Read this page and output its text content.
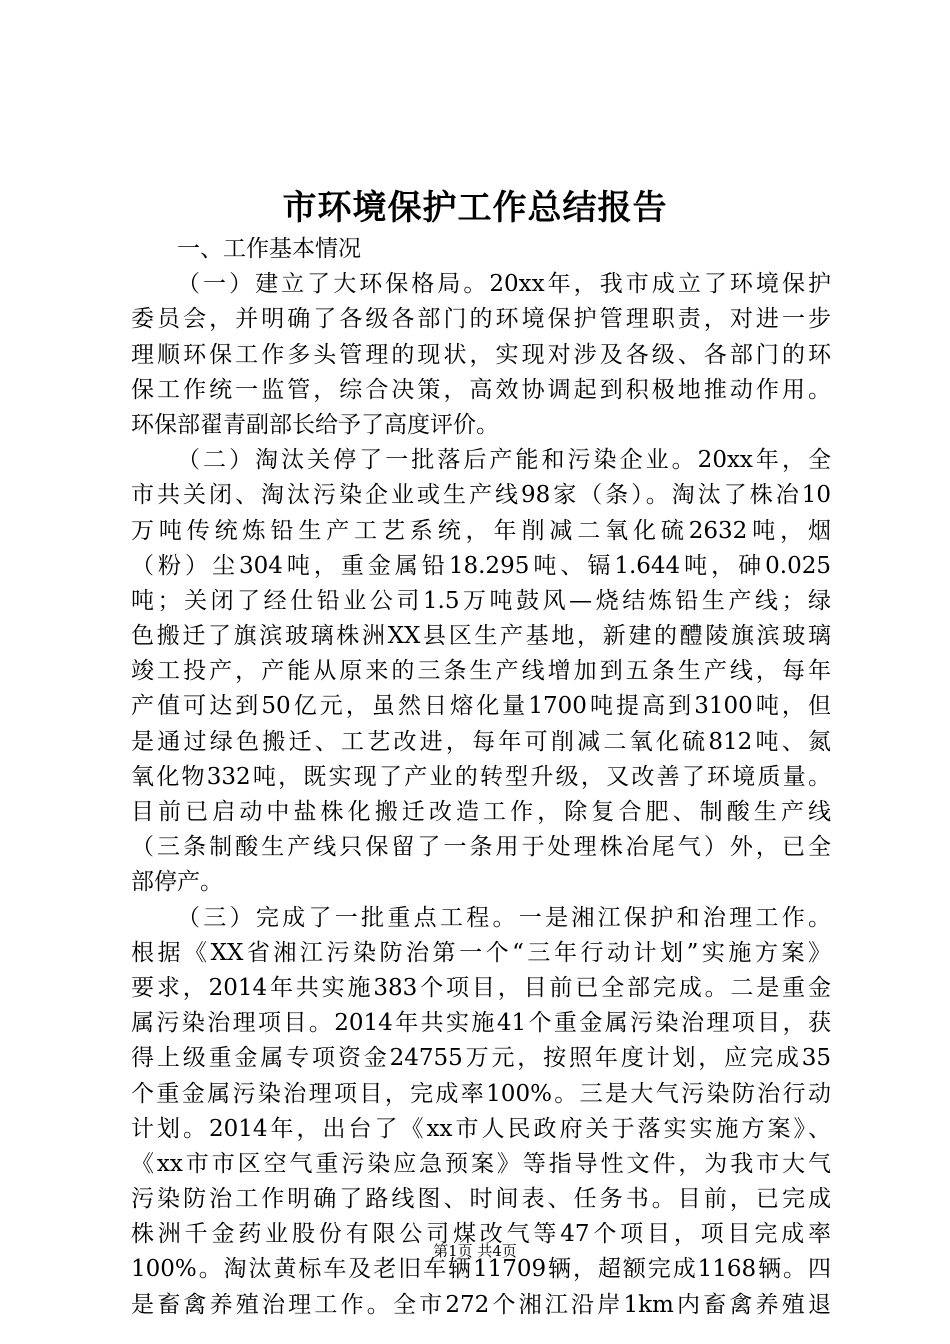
市环境保护工作总结报告
一、工作基本情况
（一）建立了大环保格局。20xx年，我市成立了环境保护
委员会，并明确了各级各部门的环境保护管理职责，对进一步
理顺环保工作多头管理的现状，实现对涉及各级、各部门的环
保工作统一监管，综合决策，高效协调起到积极地推动作用。
环保部翟青副部长给予了高度评价。
（二）淘汰关停了一批落后产能和污染企业。20xx年，全
市共关闭、淘汰污染企业或生产线98家（条）。淘汰了株冶10
万吨传统炼铅生产工艺系统，年削减二氧化硫2632吨，烟
（粉）尘304吨，重金属铅18.295吨、镉1.644吨，砷0.025
吨；关闭了经仕铅业公司1.5万吨鼓风—烧结炼铅生产线；绿
色搬迁了旗滨玻璃株洲XX县区生产基地，新建的醴陵旗滨玻璃
竣工投产，产能从原来的三条生产线增加到五条生产线，每年
产值可达到50亿元，虽然日熔化量1700吨提高到3100吨，但
是通过绿色搬迁、工艺改进，每年可削减二氧化硫812吨、氮
氧化物332吨，既实现了产业的转型升级，又改善了环境质量。
目前已启动中盐株化搬迁改造工作，除复合肥、制酸生产线
（三条制酸生产线只保留了一条用于处理株冶尾气）外，已全
部停产。
（三）完成了一批重点工程。一是湘江保护和治理工作。
根据《XX省湘江污染防治第一个“三年行动计划”实施方案》
要求，2014年共实施383个项目，目前已全部完成。二是重金
属污染治理项目。2014年共实施41个重金属污染治理项目，获
得上级重金属专项资金24755万元，按照年度计划，应完成35
个重金属污染治理项目，完成率100%。三是大气污染防治行动
计划。2014年，出台了《xx市人民政府关于落实实施方案》、
《xx市市区空气重污染应急预案》等指导性文件，为我市大气
污染防治工作明确了路线图、时间表、任务书。目前，已完成
株洲千金药业股份有限公司煤改气等47个项目，项目完成率
100%。淘汰黄标车及老旧车辆11709辆，超额完成1168辆。四
是畜禽养殖治理工作。全市272个湘江沿岸1km内畜禽养殖退
第1页 共4页
